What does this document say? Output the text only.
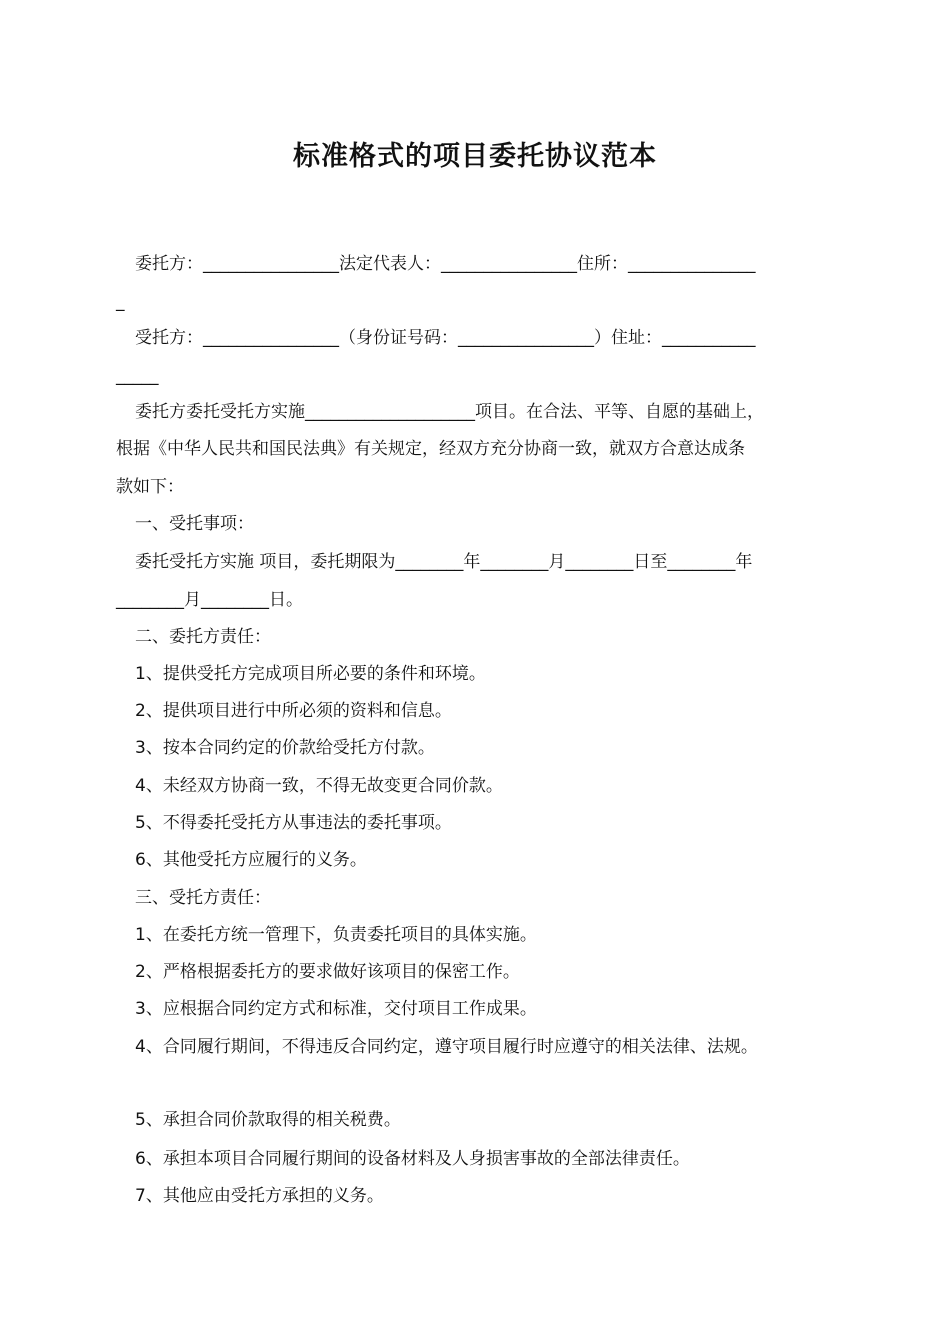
标准格式的项目委托协议范本
委托方：________________法定代表人：________________住所：_______________
_
受托方：________________（身份证号码：________________）住址：___________
_____
委托方委托受托方实施____________________项目。在合法、平等、自愿的基础上，
根据《中华人民共和国民法典》有关规定，经双方充分协商一致，就双方合意达成条
款如下：
一、受托事项：
委托受托方实施 项目，委托期限为________年________月________日至________年
________月________日。
二、委托方责任：
1、提供受托方完成项目所必要的条件和环境。
2、提供项目进行中所必须的资料和信息。
3、按本合同约定的价款给受托方付款。
4、未经双方协商一致，不得无故变更合同价款。
5、不得委托受托方从事违法的委托事项。
6、其他受托方应履行的义务。
三、受托方责任：
1、在委托方统一管理下，负责委托项目的具体实施。
2、严格根据委托方的要求做好该项目的保密工作。
3、应根据合同约定方式和标准，交付项目工作成果。
4、合同履行期间，不得违反合同约定，遵守项目履行时应遵守的相关法律、法规。
5、承担合同价款取得的相关税费。
6、承担本项目合同履行期间的设备材料及人身损害事故的全部法律责任。
7、其他应由受托方承担的义务。
